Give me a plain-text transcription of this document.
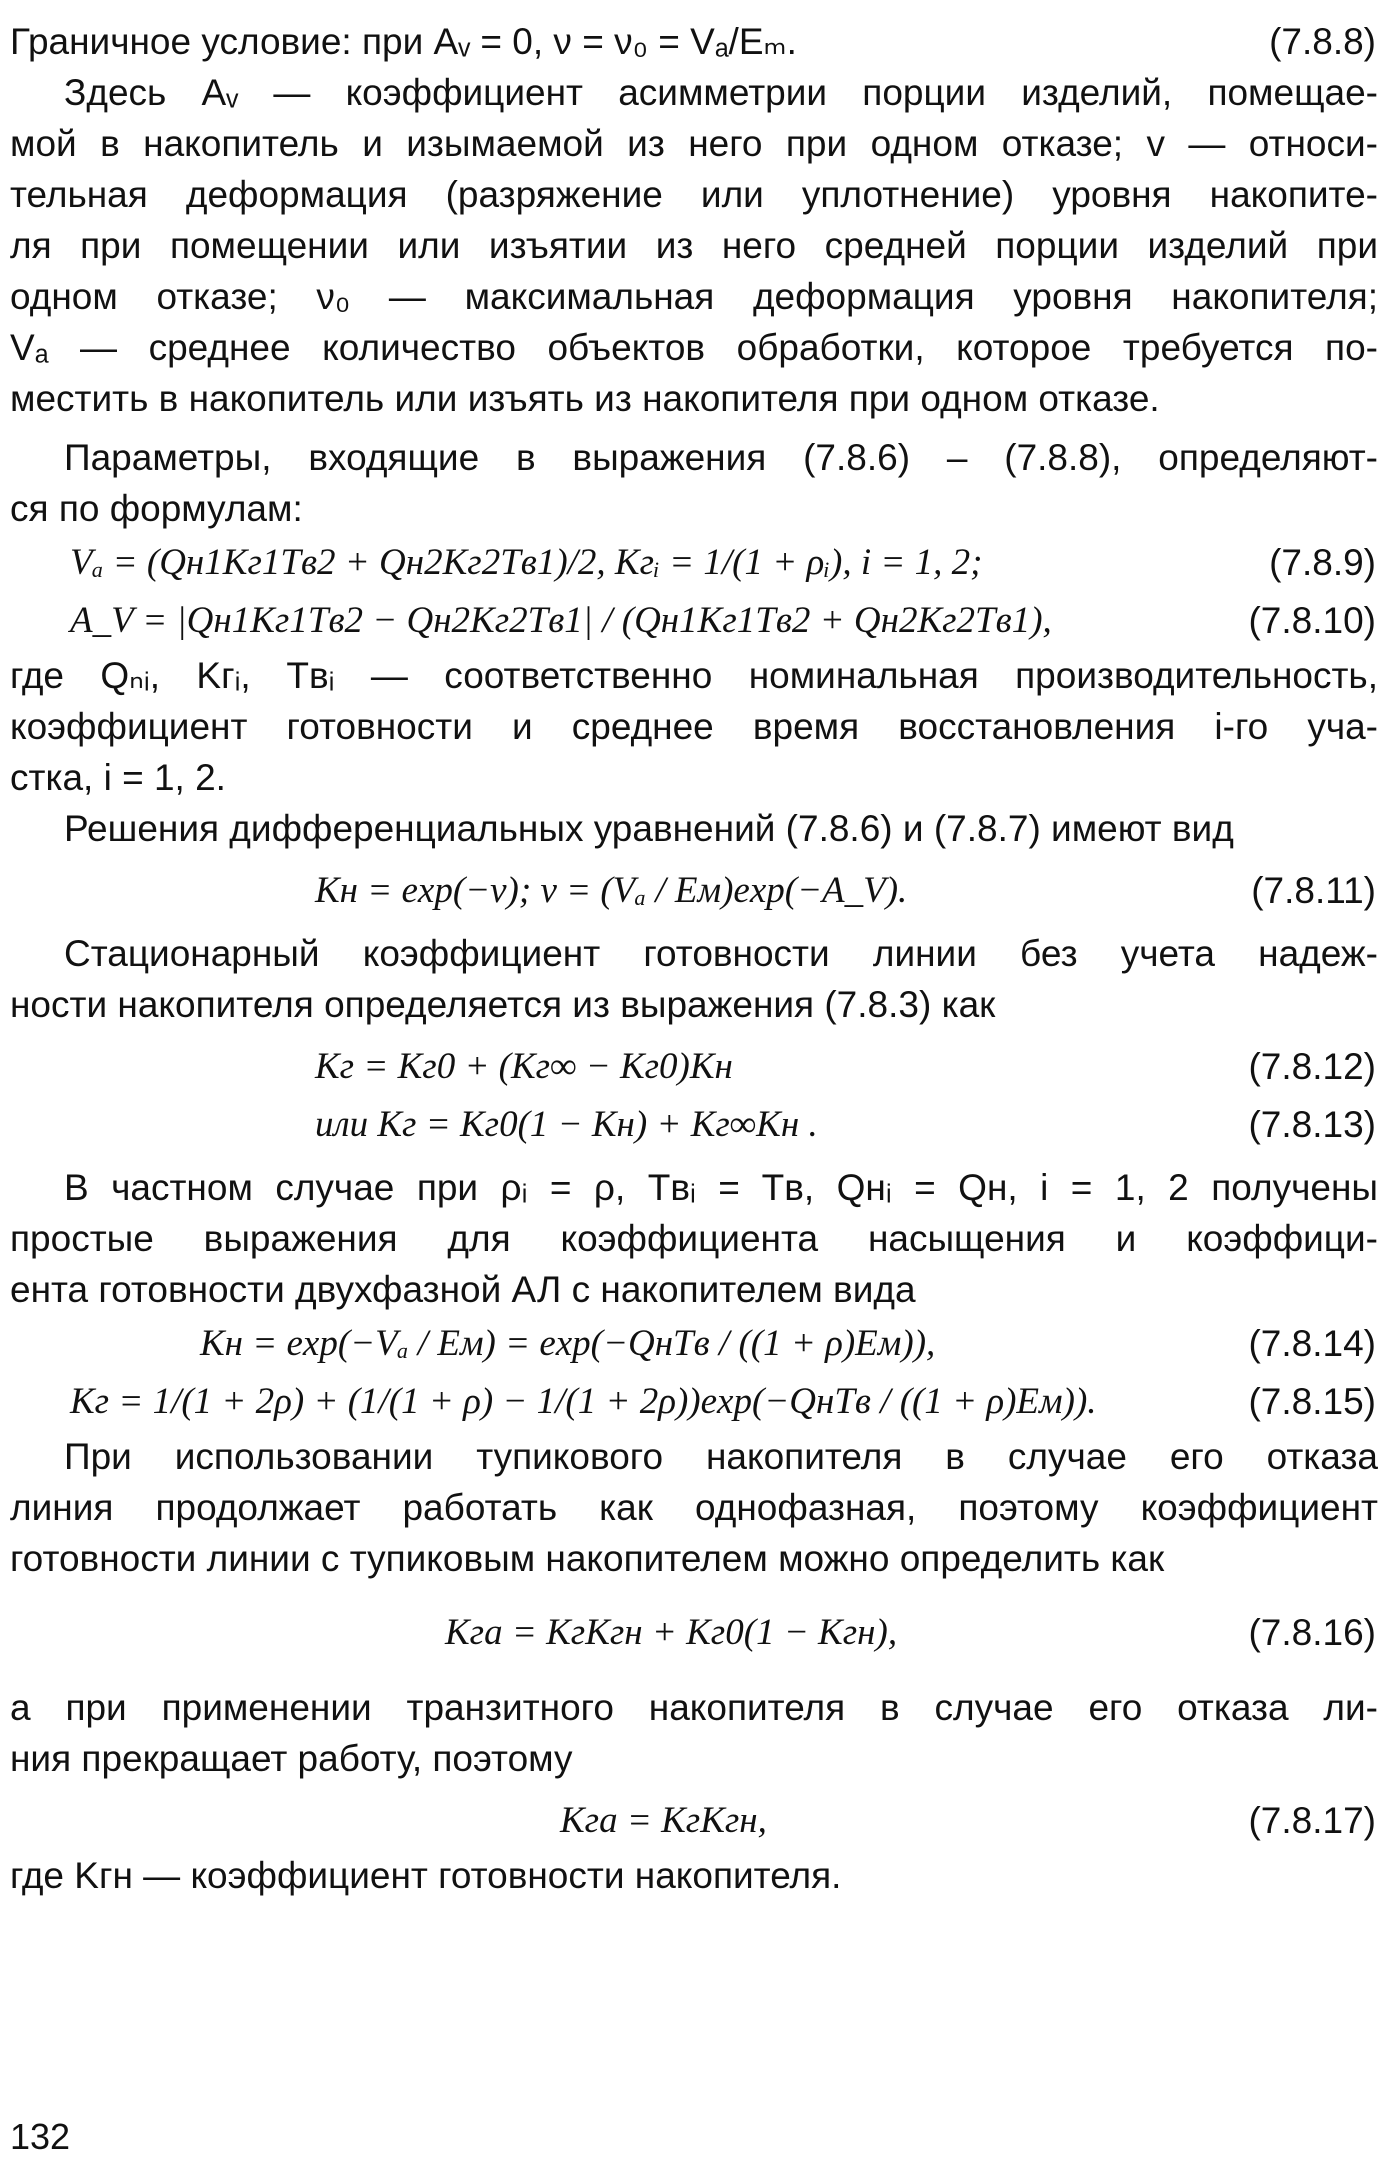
Граничное условие: при Aᵥ = 0, ν = ν₀ = Vₐ/Eₘ.	(7.8.8)
Здесь Aᵥ — коэффициент асимметрии порции изделий, помещае-
мой в накопитель и изымаемой из него при одном отказе; v — относи-
тельная деформация (разряжение или уплотнение) уровня накопите-
ля при помещении или изъятии из него средней порции изделий при
одном отказе; ν₀ — максимальная деформация уровня накопителя;
Vₐ — среднее количество объектов обработки, которое требуется по-
местить в накопитель или изъять из накопителя при одном отказе.
Параметры, входящие в выражения (7.8.6) – (7.8.8), определяют-
ся по формулам:
Vₐ = (Qн1Kг1Tв2 + Qн2Kг2Tв1)/2, Kгᵢ = 1/(1 + ρᵢ), i = 1, 2;	(7.8.9)
A_V = |Qн1Kг1Tв2 − Qн2Kг2Tв1| / (Qн1Kг1Tв2 + Qн2Kг2Tв1),	(7.8.10)
где Qₙᵢ, Kгᵢ, Tвᵢ — соответственно номинальная производительность,
коэффициент готовности и среднее время восстановления i-го уча-
стка, i = 1, 2.
Решения дифференциальных уравнений (7.8.6) и (7.8.7) имеют вид
Kн = exp(−ν); ν = (Vₐ / Eм)exp(−A_V).	(7.8.11)
Стационарный коэффициент готовности линии без учета надеж-
ности накопителя определяется из выражения (7.8.3) как
Kг = Kг0 + (Kг∞ − Kг0)Kн	(7.8.12)
или Kг = Kг0(1 − Kн) + Kг∞Kн .	(7.8.13)
В частном случае при ρᵢ = ρ, Tвᵢ = Tв, Qнᵢ = Qн, i = 1, 2 получены
простые выражения для коэффициента насыщения и коэффици-
ента готовности двухфазной АЛ с накопителем вида
Kн = exp(−Vₐ / Eм) = exp(−QнTв / ((1 + ρ)Eм)),	(7.8.14)
Kг = 1/(1 + 2ρ) + (1/(1 + ρ) − 1/(1 + 2ρ))exp(−QнTв / ((1 + ρ)Eм)).	(7.8.15)
При использовании тупикового накопителя в случае его отказа
линия продолжает работать как однофазная, поэтому коэффициент
готовности линии с тупиковым накопителем можно определить как
Kгa = KгKгн + Kг0(1 − Kгн),	(7.8.16)
а при применении транзитного накопителя в случае его отказа ли-
ния прекращает работу, поэтому
Kгa = KгKгн,	(7.8.17)
где Kгн — коэффициент готовности накопителя.
132
